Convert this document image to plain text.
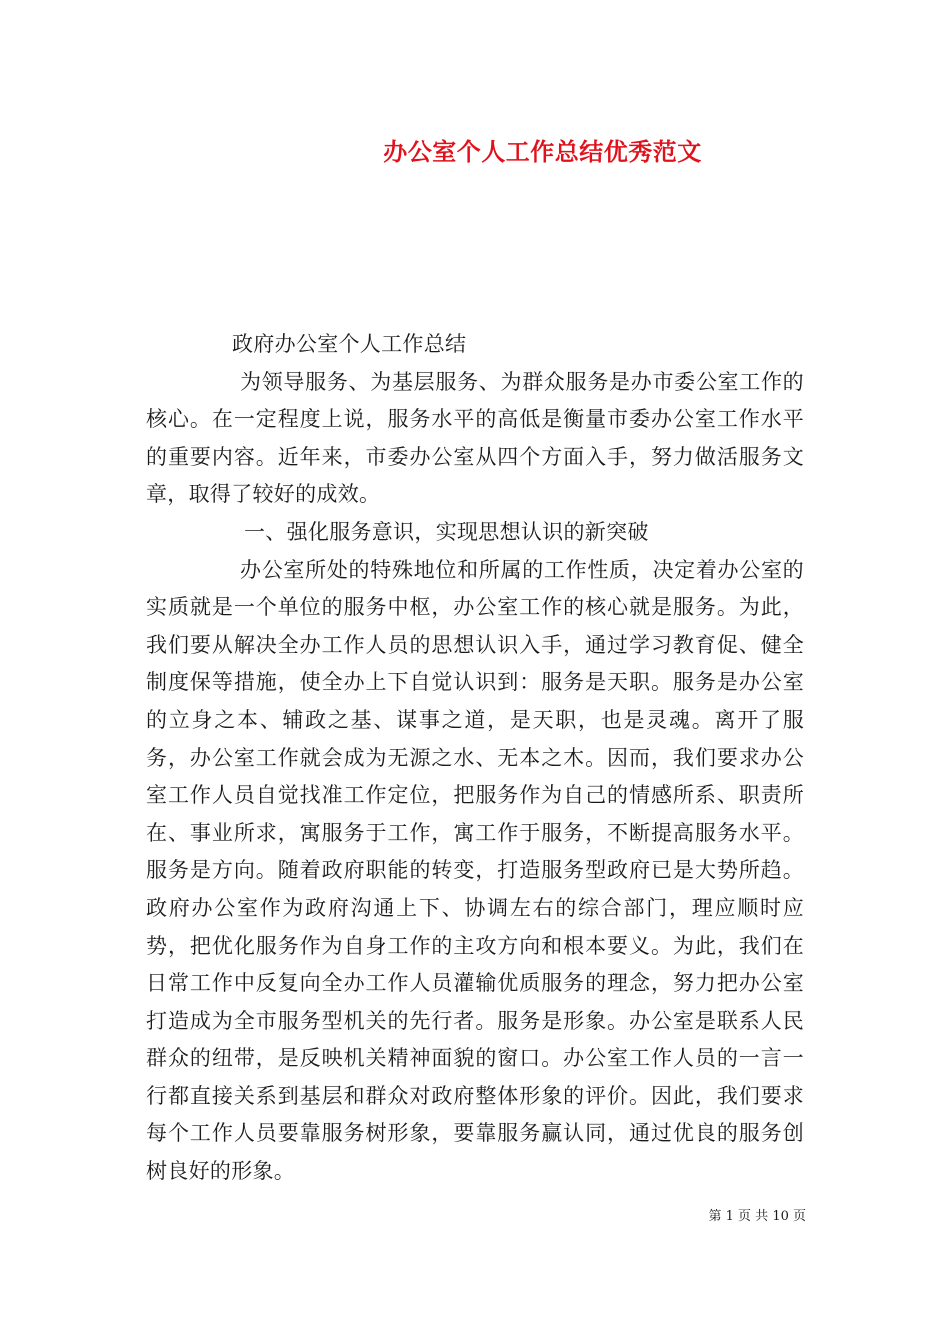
办公室个人工作总结优秀范文

政府办公室个人工作总结

为领导服务、为基层服务、为群众服务是办市委公室工作的核心。在一定程度上说，服务水平的高低是衡量市委办公室工作水平的重要内容。近年来，市委办公室从四个方面入手，努力做活服务文章，取得了较好的成效。

一、强化服务意识，实现思想认识的新突破

办公室所处的特殊地位和所属的工作性质，决定着办公室的实质就是一个单位的服务中枢，办公室工作的核心就是服务。为此，我们要从解决全办工作人员的思想认识入手，通过学习教育促、健全制度保等措施，使全办上下自觉认识到：服务是天职。服务是办公室的立身之本、辅政之基、谋事之道，是天职，也是灵魂。离开了服务，办公室工作就会成为无源之水、无本之木。因而，我们要求办公室工作人员自觉找准工作定位，把服务作为自己的情感所系、职责所在、事业所求，寓服务于工作，寓工作于服务，不断提高服务水平。服务是方向。随着政府职能的转变，打造服务型政府已是大势所趋。政府办公室作为政府沟通上下、协调左右的综合部门，理应顺时应势，把优化服务作为自身工作的主攻方向和根本要义。为此，我们在日常工作中反复向全办工作人员灌输优质服务的理念，努力把办公室打造成为全市服务型机关的先行者。服务是形象。办公室是联系人民群众的纽带，是反映机关精神面貌的窗口。办公室工作人员的一言一行都直接关系到基层和群众对政府整体形象的评价。因此，我们要求每个工作人员要靠服务树形象，要靠服务赢认同，通过优良的服务创树良好的形象。

第 1 页 共 10 页
